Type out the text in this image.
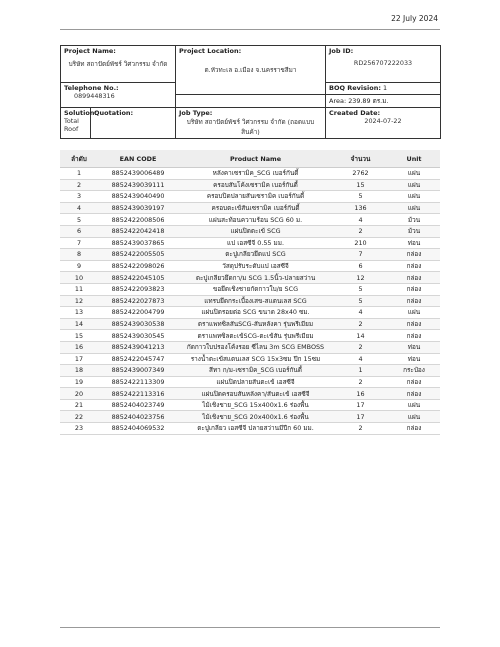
22 July 2024
Project Name:
บริษัท สถาปัตย์พัชร์ วิศวกรรม จำกัด		Project Location:
ต.หัวทะเล อ.เมือง จ.นครราชสีมา	Job ID:
RD256707222033

Telephone No.:
0899448316			BOQ Revision: 1
			Area: 239.89 ตร.ม.

Solution:
Total Roof	Quotation:	Job Type:
บริษัท สถาปัตย์พัชร์ วิศวกรรม จำกัด (ถอดแบบสินค้า)	Created Date:
2024-07-22
ลำดับ	EAN CODE	Product Name	จำนวน	Unit
1	8852439006489	หลังคาเซรามิค_SCG เบอร์กันดี้	2762	แผ่น
2	8852439039111	ครอบสันโค้งเซรามิค เบอร์กันดี้	15	แผ่น
3	8852439040490	ครอบปิดปลายสันเซรามิค เบอร์กันดี้	5	แผ่น
4	8852439039197	ครอบตะเข้สันเซรามิค เบอร์กันดี้	136	แผ่น
5	8852422008506	แผ่นสะท้อนความร้อน SCG 60 ม.	4	ม้วน
6	8852422042418	แผ่นปิดตะเข้ SCG	2	ม้วน
7	8852439037865	แป เอสซีจี 0.55 มม.	210	ท่อน
8	8852422005505	ตะปูเกลียวยึดแป SCG	7	กล่อง
9	8852422098026	วัสดุปรับระดับแป เอสซีจี	6	กล่อง
10	8852422045105	ตะปูเกลียวยึดกา/ม SCG 1.5นิ้ว-ปลายสว่าน	12	กล่อง
11	8852422093823	ขอยึดเชิงชายกัดกาวใบ/ย SCG	5	กล่อง
12	8852422027873	แทรบยึดกระเบื้องเสข-สแตนเลส SCG	5	กล่อง
13	8852422004799	แผ่นปิดรอยต่อ SCG ขนาด 28x40 ซม.	4	แผ่น
14	8852439030538	ตราแพทซิลสันSCG-สันหลังคา รุ่นพรีเมียม	2	กล่อง
15	8852439030545	ตราแพทซิลตะเข้SCG-ตะเข้สัน รุ่นพรีเมียม	14	กล่อง
16	8852439041213	กัดกาวใบปรองโค้งรอย ซีไลน 3m SCG EMBOSS	2	ท่อน
17	8852422045747	รางน้ำตะเข้สแตนเลส SCG 15x3ซม ปีก 15ซม	4	ท่อน
18	8852439007349	สีทา ก/ม-เซรามิค_SCG เบอร์กันดี้	1	กระป๋อง
19	8852422113309	แผ่นปิดปลายสันตะเข้ เอสซีจี	2	กล่อง
20	8852422113316	แผ่นปิดครอบสันหลังคา/สันตะเข้ เอสซีจี	16	กล่อง
21	8852404023749	ไม้เชิงชาย_SCG 15x400x1.6 ร่องพื้น	17	แผ่น
22	8852404023756	ไม้เชิงชาย_SCG 20x400x1.6 ร่องพื้น	17	แผ่น
23	8852404069532	ตะปูเกลียว เอสซีจี ปลายสว่านมีปีก 60 มม.	2	กล่อง
